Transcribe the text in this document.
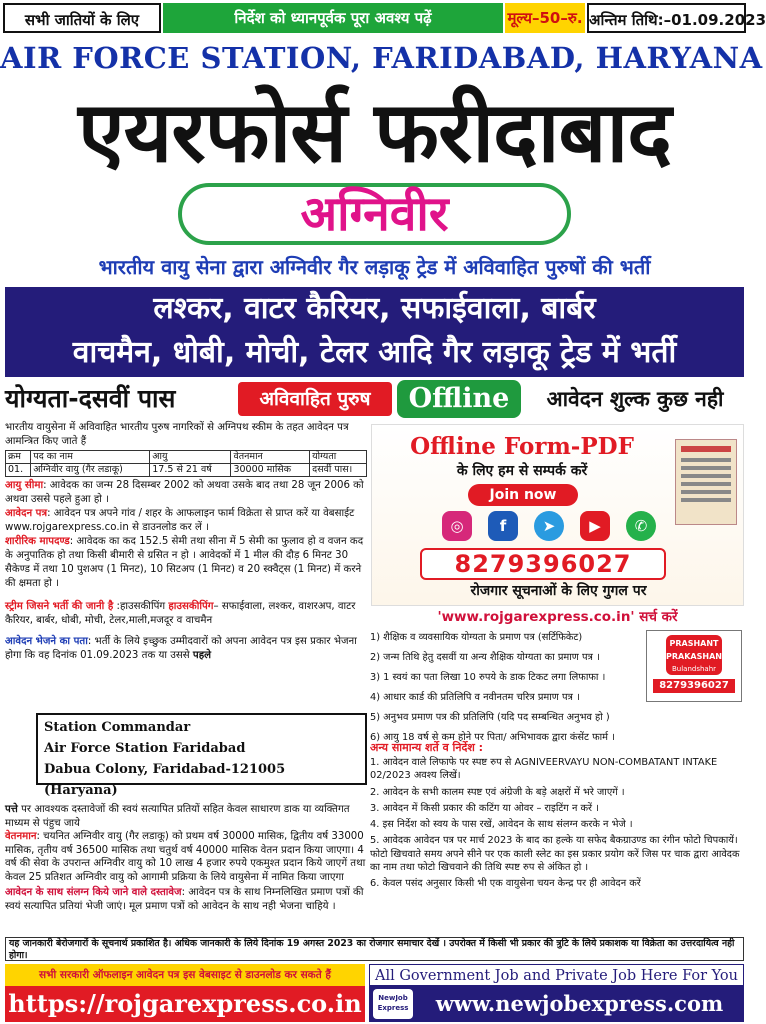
सभी जातियों के लिए	निर्देश को ध्यानपूर्वक पूरा अवश्य पढ़ें	मूल्य–50–रु. अन्तिम तिथि:–01.09.2023
AIR FORCE STATION, FARIDABAD, HARYANA
एयरफोर्स फरीदाबाद
अग्निवीर
भारतीय वायु सेना द्वारा अग्निवीर गैर लड़ाकू ट्रेड में अविवाहित पुरुषों की भर्ती
लश्कर, वाटर कैरियर, सफाईवाला, बार्बर
वाचमैन, धोबी, मोची, टेलर आदि गैर लड़ाकू ट्रेड में भर्ती
योग्यता-दसवीं पास	अविवाहित पुरुष	Offline	आवेदन शुल्क कुछ नही
भारतीय वायुसेना में अविवाहित भारतीय पुरुष नागरिकों से अग्निपथ स्कीम के तहत आवेदन पत्र आमन्त्रित किए जाते हैं
क्रम	पद का नाम	आयु	वेतनमान	योग्यता
01.	अग्निवीर वायु (गैर लडाकू)	17.5 से 21 वर्ष	30000 मासिक	दसवीं पास।
आयु सीमा: आवेदक का जन्म 28 दिसम्बर 2002 को अथवा उसके बाद तथा 28 जून 2006 को अथवा उससे पहले हुआ हो ।
आवेदन पत्र: आवेदन पत्र अपने गांव / शहर के आफलाइन फार्म विक्रेता से प्राप्त करें या वेबसाईट www.rojgarexpress.co.in से डाउनलोड कर लें ।
शारीरिक मापदण्ड: आवेदक का कद 152.5 सेमी तथा सीना में 5 सेमी का फुलाव हो व वजन कद के अनुपातिक हो तथा किसी बीमारी से ग्रसित न हो । आवेदकों में 1 मील की दौड़ 6 मिनट 30 सैकेण्ड में तथा 10 पुशअप (1 मिनट), 10 सिटअप (1 मिनट) व 20 स्क्वैट्स (1 मिनट) में करने की क्षमता हो ।
स्ट्रीम जिसने भर्ती की जानी है :हाउसकीपिंग हाउसकीपिंग– सफाईवाला, लश्कर, वाशरअप, वाटर कैरियर, बार्बर, धोबी, मोची, टेलर,माली,मजदूर व वाचमैन
आवेदन भेजने का पता: भर्ती के लिये इच्छुक उम्मीदवारों को अपना आवेदन पत्र इस प्रकार भेजना होगा कि वह दिनांक 01.09.2023 तक या उससे पहले
Station Commandar
Air Force Station Faridabad
Dabua Colony, Faridabad-121005 (Haryana)
पत्ते पर आवश्यक दस्तावेजों की स्वयं सत्यापित प्रतियों सहित केवल साधारण डाक या व्यक्तिगत माध्यम से पंहुच जाये
वेतनमान: चयनित अग्निवीर वायु (गैर लडाकू) को प्रथम वर्ष 30000 मासिक, द्वितीय वर्ष 33000 मासिक, तृतीय वर्ष 36500 मासिक तथा चतुर्थ वर्ष 40000 मासिक वेतन प्रदान किया जाएगा। 4 वर्ष की सेवा के उपरान्त अग्निवीर वायु को 10 लाख 4 हजार रुपये एकमुश्त प्रदान किये जाएगें तथा केवल 25 प्रतिशत अग्निवीर वायु को आगामी प्रक्रिया के लिये वायुसेना में नामित किया जाएगा
आवेदन के साथ संलग्न किये जाने वाले दस्तावेज: आवेदन पत्र के साथ निम्नलिखित प्रमाण पत्रों की स्वयं सत्यापित प्रतियां भेजी जाएं। मूल प्रमाण पत्रों को आवेदन के साथ नही भेजना चाहिये ।
Offline Form-PDF
के लिए हम से सम्पर्क करें
Join now
◎	f	➤	▶	✆
8279396027
रोजगार सूचनाओं के लिए गुगल पर
'www.rojgarexpress.co.in' सर्च करें
1) शैक्षिक व व्यवसायिक योग्यता के प्रमाण पत्र (सर्टिफिकेट)
2) जन्म तिथि हेतु दसवीं या अन्य शैक्षिक योग्यता का प्रमाण पत्र ।
3) 1 स्वयं का पता लिखा 10 रुपये के डाक टिकट लगा लिफाफा ।
4) आधार कार्ड की प्रतिलिपि व नवीनतम चरित्र प्रमाण पत्र ।
5) अनुभव प्रमाण पत्र की प्रतिलिपि (यदि पद सम्बन्धित अनुभव हो )
6) आयु 18 वर्ष से कम होने पर पिता/ अभिभावक द्वारा कंसेंट फार्म ।
PRASHANT PRAKASHAN
Bulandshahr
8279396027
अन्य सामान्य शर्ते व निर्देश :
1. आवेदन वाले लिफाफे पर स्पष्ट रुप से AGNIVEERVAYU NON-COMBATANT INTAKE 02/2023 अवश्य लिखें।
2. आवेदन के सभी कालम स्पष्ट एवं अंग्रेजी के बड़े अक्षरों में भरे जाएगें ।
3. आवेदन में किसी प्रकार की कटिंग या ओवर – राइटिंग न करें ।
4. इस निर्देश को स्वय के पास रखें, आवेदन के साथ संलग्न करके न भेजे ।
5. आवेदक आवेदन पत्र पर मार्च 2023 के बाद का हल्के या सफेद बैकग्राउण्ड का रंगीन फोटो चिपकायें। फोटो खिचवाते समय अपने सीने पर एक काली स्लेट का इस प्रकार प्रयोग करें जिस पर चाक द्वारा आवेदक का नाम तथा फोटो खिचवाने की तिथि स्पष्ट रुप से अंकित हो ।
6. केवल पसंद अनुसार किसी भी एक वायुसेना चयन केन्द्र पर ही आवेदन करें
यह जानकारी बेरोजगारों के सूचनार्थ प्रकाशित है। अधिक जानकारी के लिये दिनांक 19 अगस्त 2023 का रोजगार समाचार देखें । उपरोक्त में किसी भी प्रकार की त्रुटि के लिये प्रकाशक या विक्रेता का उत्तरदायित्व नही होगा।
सभी सरकारी ऑफलाइन आवेदन पत्र इस वेबसाइट से डाउनलोड कर सकते हैं
https://rojgarexpress.co.in
All Government Job and Private Job Here For You
NewJob Express	www.newjobexpress.com
